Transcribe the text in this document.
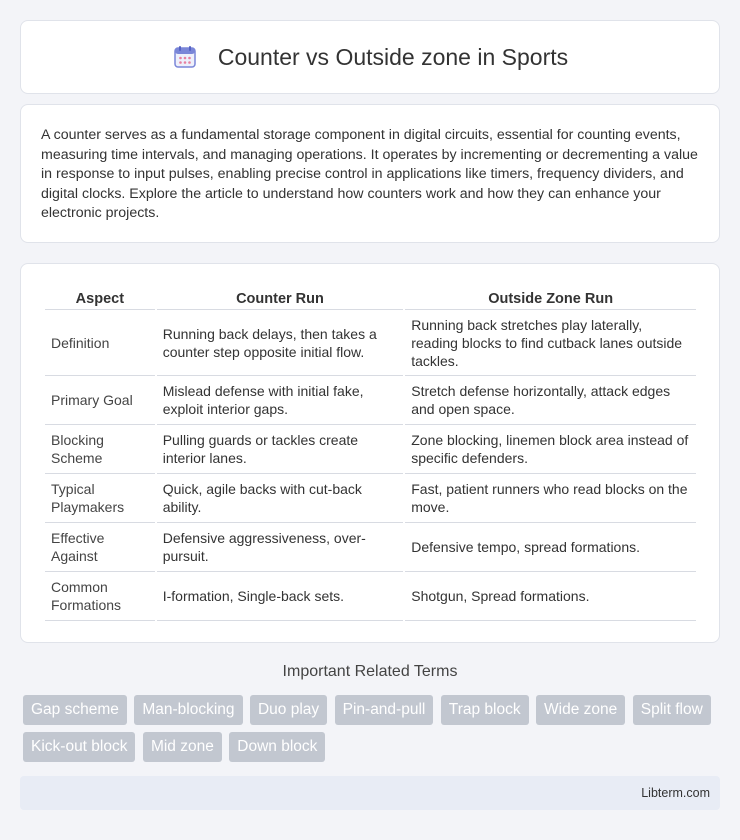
Counter vs Outside zone in Sports

A counter serves as a fundamental storage component in digital circuits, essential for counting events, measuring time intervals, and managing operations. It operates by incrementing or decrementing a value in response to input pulses, enabling precise control in applications like timers, frequency dividers, and digital clocks. Explore the article to understand how counters work and how they can enhance your electronic projects.

Aspect	Counter Run	Outside Zone Run
Definition	Running back delays, then takes a counter step opposite initial flow.	Running back stretches play laterally, reading blocks to find cutback lanes outside tackles.
Primary Goal	Mislead defense with initial fake, exploit interior gaps.	Stretch defense horizontally, attack edges and open space.
Blocking Scheme	Pulling guards or tackles create interior lanes.	Zone blocking, linemen block area instead of specific defenders.
Typical Playmakers	Quick, agile backs with cut-back ability.	Fast, patient runners who read blocks on the move.
Effective Against	Defensive aggressiveness, over-pursuit.	Defensive tempo, spread formations.
Common Formations	I-formation, Single-back sets.	Shotgun, Spread formations.
Important Related Terms
Gap scheme Man-blocking Duo play Pin-and-pull Trap block Wide zone Split flow Kick-out block Mid zone Down block
Libterm.com
